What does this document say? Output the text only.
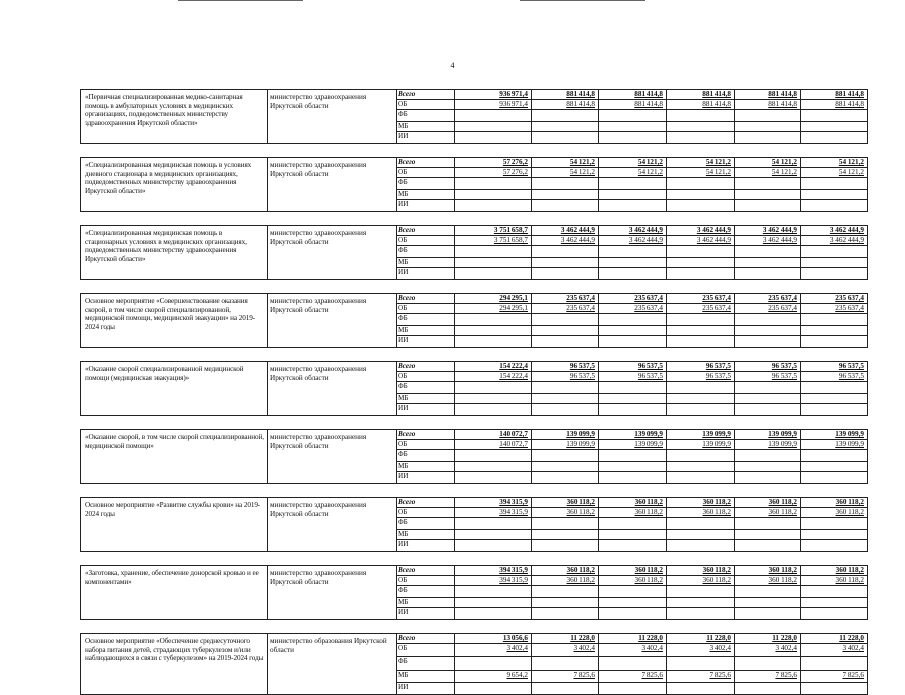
4
«Первичная специализированная медико-санитарная помощь в амбулаторных условиях в медицинских организациях, подведомственных министерству здравоохранения Иркутской области»	министерство здравоохранения Иркутской области	Всего	936 971,4	881 414,8	881 414,8	881 414,8	881 414,8	881 414,8
		ОБ	936 971,4	881 414,8	881 414,8	881 414,8	881 414,8	881 414,8
		ФБ						
		МБ						
		ИИ						

«Специализированная медицинская помощь в условиях дневного стационара в медицинских организациях, подведомственных министерству здравоохранения Иркутской области»	министерство здравоохранения Иркутской области	Всего	57 276,2	54 121,2	54 121,2	54 121,2	54 121,2	54 121,2
		ОБ	57 276,2	54 121,2	54 121,2	54 121,2	54 121,2	54 121,2
		ФБ						
		МБ						
		ИИ						

«Специализированная медицинская помощь в стационарных условиях в медицинских организациях, подведомственных министерству здравоохранения Иркутской области»	министерство здравоохранения Иркутской области	Всего	3 751 658,7	3 462 444,9	3 462 444,9	3 462 444,9	3 462 444,9	3 462 444,9
		ОБ	3 751 658,7	3 462 444,9	3 462 444,9	3 462 444,9	3 462 444,9	3 462 444,9
		ФБ						
		МБ						
		ИИ						

Основное мероприятие «Совершенствование оказания скорой, в том числе скорой специализированной, медицинской помощи, медицинской эвакуации» на 2019-2024 годы	министерство здравоохранения Иркутской области	Всего	294 295,1	235 637,4	235 637,4	235 637,4	235 637,4	235 637,4
		ОБ	294 295,1	235 637,4	235 637,4	235 637,4	235 637,4	235 637,4
		ФБ						
		МБ						
		ИИ						

«Оказание скорой специализированной медицинской помощи (медицинская эвакуация)»	министерство здравоохранения Иркутской области	Всего	154 222,4	96 537,5	96 537,5	96 537,5	96 537,5	96 537,5
		ОБ	154 222,4	96 537,5	96 537,5	96 537,5	96 537,5	96 537,5
		ФБ						
		МБ						
		ИИ						

«Оказание скорой, в том числе скорой специализированной, медицинской помощи»	министерство здравоохранения Иркутской области	Всего	140 072,7	139 099,9	139 099,9	139 099,9	139 099,9	139 099,9
		ОБ	140 072,7	139 099,9	139 099,9	139 099,9	139 099,9	139 099,9
		ФБ						
		МБ						
		ИИ						

Основное мероприятие «Развитие службы крови» на 2019-2024 годы	министерство здравоохранения Иркутской области	Всего	394 315,9	360 118,2	360 118,2	360 118,2	360 118,2	360 118,2
		ОБ	394 315,9	360 118,2	360 118,2	360 118,2	360 118,2	360 118,2
		ФБ						
		МБ						
		ИИ						

«Заготовка, хранение, обеспечение донорской кровью и ее компонентами»	министерство здравоохранения Иркутской области	Всего	394 315,9	360 118,2	360 118,2	360 118,2	360 118,2	360 118,2
		ОБ	394 315,9	360 118,2	360 118,2	360 118,2	360 118,2	360 118,2
		ФБ						
		МБ						
		ИИ						

Основное мероприятие «Обеспечение среднесуточного набора питания детей, страдающих туберкулезом и/или наблюдающихся в связи с туберкулезом» на 2019-2024 годы	министерство образования Иркутской области	Всего	13 056,6	11 228,0	11 228,0	11 228,0	11 228,0	11 228,0
		ОБ	3 402,4	3 402,4	3 402,4	3 402,4	3 402,4	3 402,4
		ФБ						
		МБ	9 654,2	7 825,6	7 825,6	7 825,6	7 825,6	7 825,6
		ИИ						
